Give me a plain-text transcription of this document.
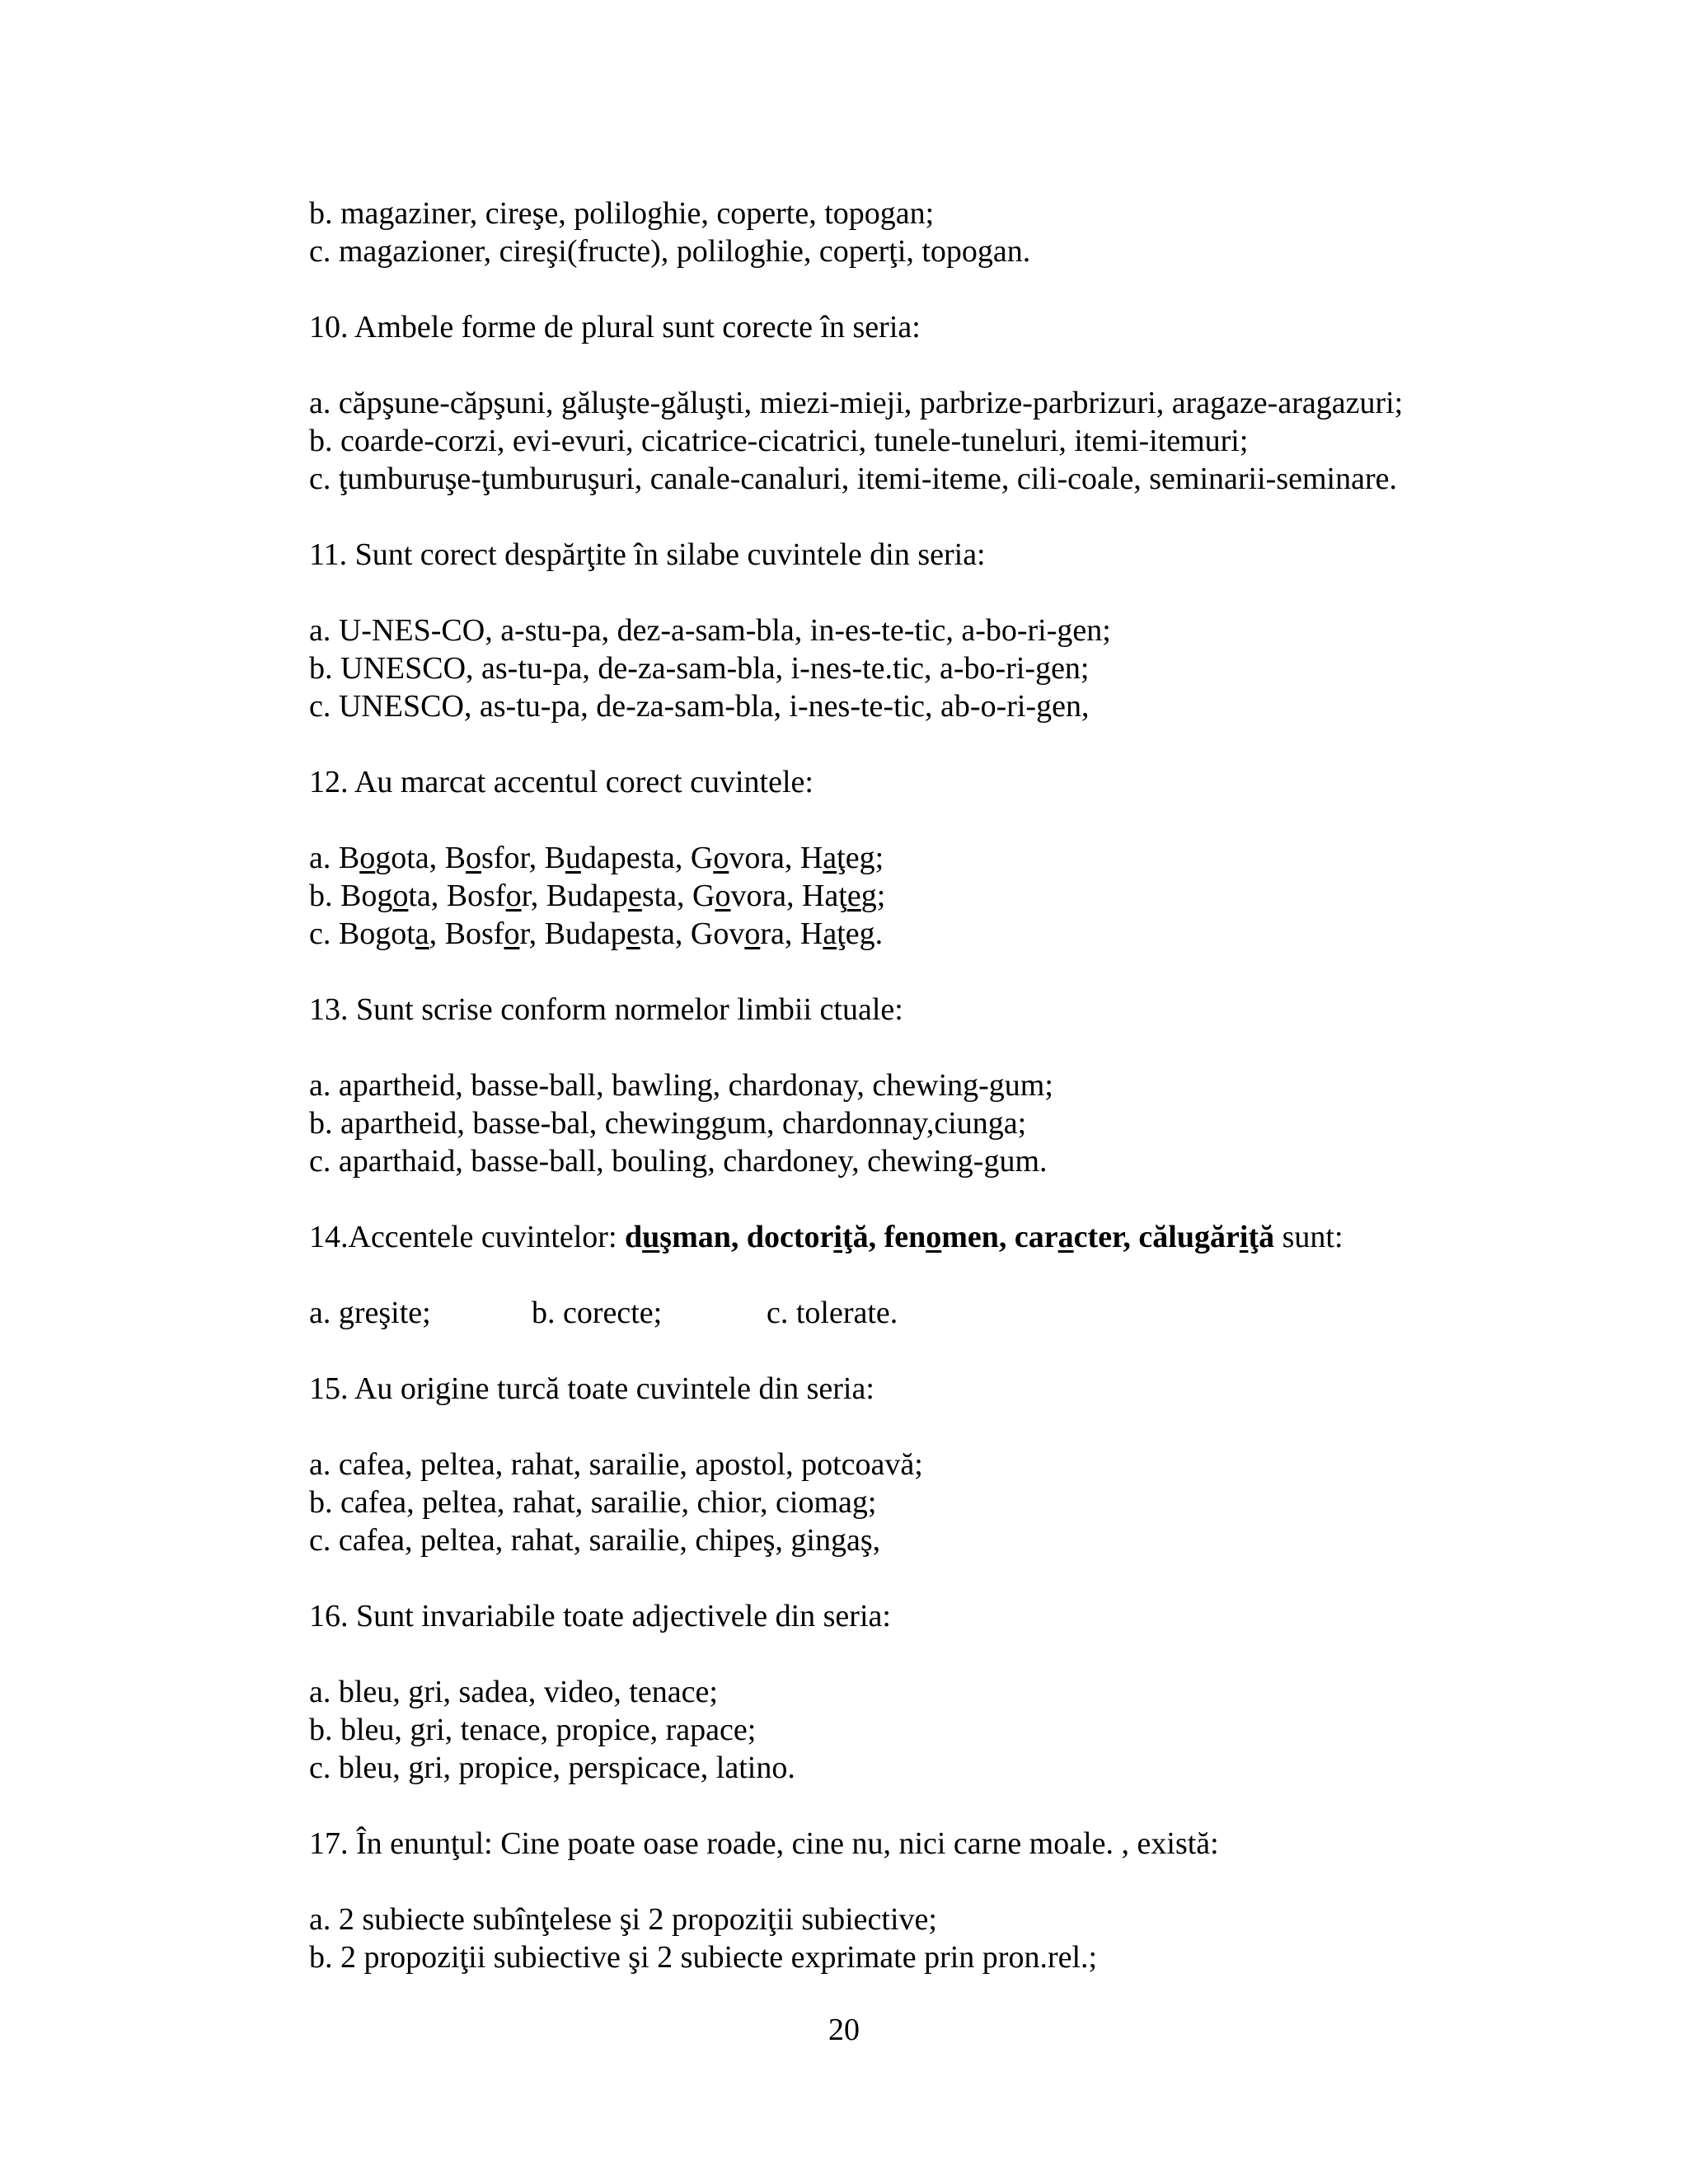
b. magaziner, cireşe, polilоghie, coperte, topogan;
c. magazioner, cireşi(fructe), polilоghie, coperţi, topogan.
10. Ambele forme de plural sunt corecte în seria:
a. căpşune-căpşuni, găluşte-găluşti, miezi-mieji, parbrize-parbrizuri, aragaze-aragazuri;
b. coarde-corzi, evi-evuri, cicatrice-cicatrici, tunele-tuneluri, itemi-itemuri;
c. ţumburuşe-ţumburuşuri, canale-canaluri, itemi-iteme, cili-coale, seminarii-seminare.
11. Sunt corect despărţite în silabe cuvintele din seria:
a. U-NES-CO, a-stu-pa, dez-a-sam-bla, in-es-te-tic, a-bo-ri-gen;
b. UNESCO, as-tu-pa, de-za-sam-bla, i-nes-te.tic, a-bo-ri-gen;
c. UNESCO, as-tu-pa, de-za-sam-bla, i-nes-te-tic, ab-o-ri-gen,
12. Au marcat accentul corect cuvintele:
a. Bogota, Bosfor, Budapesta, Govora, Haţeg;
b. Bogota, Bosfor, Budapesta, Govora, Haţeg;
c. Bogota, Bosfor, Budapesta, Govora, Haţeg.
13. Sunt scrise conform normelor limbii ctuale:
a. apartheid, basse-ball, bawling, chardonay, chewing-gum;
b. apartheid, basse-bal, chewinggum, chardonnay,ciunga;
c. aparthaid, basse-ball, bouling, chardoney, chewing-gum.
14.Accentele cuvintelor: duşman, doctoriţă, fenomen, caracter, călugăriţă sunt:
a. greşite;	b. corecte;	c. tolerate.
15. Au origine turcă toate cuvintele din seria:
a. cafea, peltea, rahat, sarailie, apostol, potcoavă;
b. cafea, peltea, rahat, sarailie, chior, ciomag;
c. cafea, peltea, rahat, sarailie, chipeş, gingaş,
16. Sunt invariabile toate adjectivele din seria:
a. bleu, gri, sadea, video, tenace;
b. bleu, gri, tenace, propice, rapace;
c. bleu, gri, propice, perspicace, latino.
17. În enunţul: Cine poate oase roade, cine nu, nici carne moale. , există:
a. 2 subiecte subînţelese şi 2 propoziţii subiective;
b. 2 propoziţii subiective şi 2 subiecte exprimate prin pron.rel.;
20
